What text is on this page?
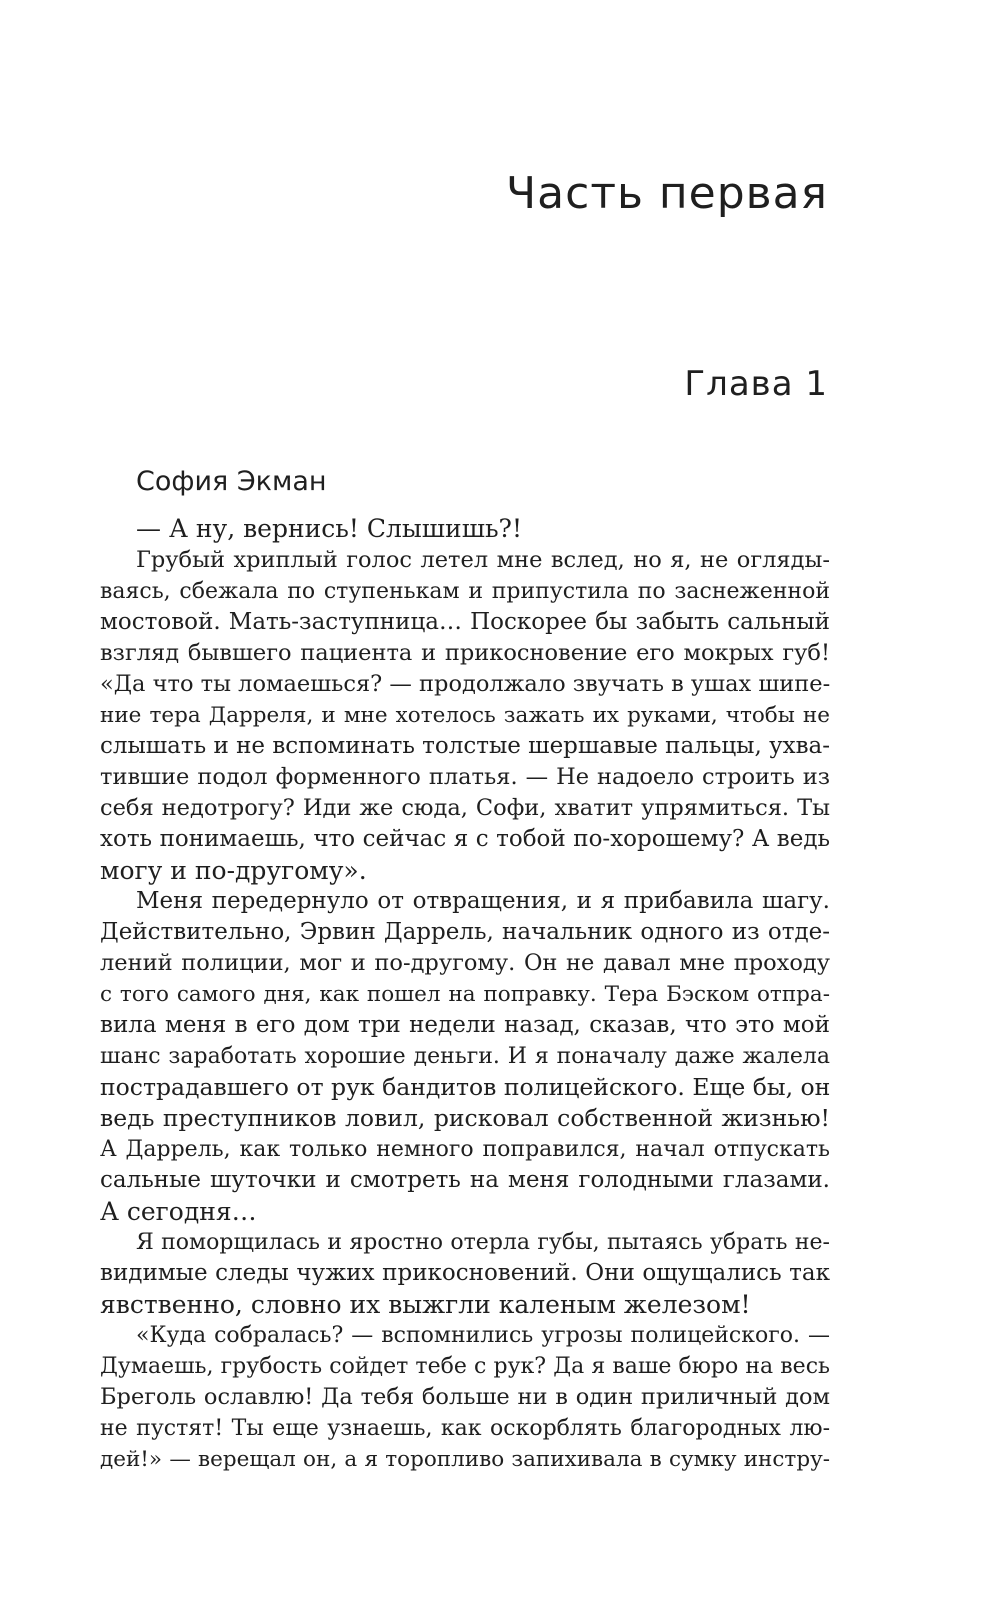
Часть первая
Глава 1
София Экман
— А ну, вернись! Слышишь?!
Грубый хриплый голос летел мне вслед, но я, не огляды-
ваясь, сбежала по ступенькам и припустила по заснеженной
мостовой. Мать-заступница… Поскорее бы забыть сальный
взгляд бывшего пациента и прикосновение его мокрых губ!
«Да что ты ломаешься? — продолжало звучать в ушах шипе-
ние тера Дарреля, и мне хотелось зажать их руками, чтобы не
слышать и не вспоминать толстые шершавые пальцы, ухва-
тившие подол форменного платья. — Не надоело строить из
себя недотрогу? Иди же сюда, Софи, хватит упрямиться. Ты
хоть понимаешь, что сейчас я с тобой по-хорошему? А ведь
могу и по-другому».
Меня передернуло от отвращения, и я прибавила шагу.
Действительно, Эрвин Даррель, начальник одного из отде-
лений полиции, мог и по-другому. Он не давал мне проходу
с того самого дня, как пошел на поправку. Тера Бэском отпра-
вила меня в его дом три недели назад, сказав, что это мой
шанс заработать хорошие деньги. И я поначалу даже жалела
пострадавшего от рук бандитов полицейского. Еще бы, он
ведь преступников ловил, рисковал собственной жизнью!
А Даррель, как только немного поправился, начал отпускать
сальные шуточки и смотреть на меня голодными глазами.
А сегодня…
Я поморщилась и яростно отерла губы, пытаясь убрать не-
видимые следы чужих прикосновений. Они ощущались так
явственно, словно их выжгли каленым железом!
«Куда собралась? — вспомнились угрозы полицейского. —
Думаешь, грубость сойдет тебе с рук? Да я ваше бюро на весь
Бреголь ославлю! Да тебя больше ни в один приличный дом
не пустят! Ты еще узнаешь, как оскорблять благородных лю-
дей!» — верещал он, а я торопливо запихивала в сумку инстру-
